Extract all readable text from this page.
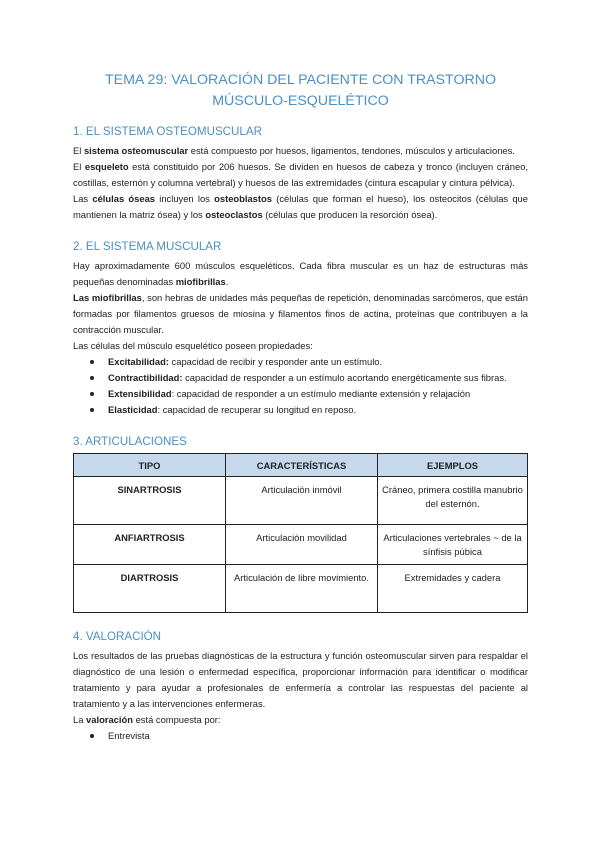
TEMA 29: VALORACIÓN DEL PACIENTE CON TRASTORNO MÚSCULO-ESQUELÉTICO
1. EL SISTEMA OSTEOMUSCULAR

El sistema osteomuscular está compuesto por huesos, ligamentos, tendones, músculos y articulaciones.

El esqueleto está constituido por 206 huesos. Se dividen en huesos de cabeza y tronco (incluyen cráneo, costillas, esternón y columna vertebral) y huesos de las extremidades (cintura escapular y cintura pélvica).

Las células óseas incluyen los osteoblastos (células que forman el hueso), los osteocitos (células que mantienen la matriz ósea) y los osteoclastos (células que producen la resorción ósea).

2. EL SISTEMA MUSCULAR

Hay aproximadamente 600 músculos esqueléticos. Cada fibra muscular es un haz de estructuras más pequeñas denominadas miofibrillas.

Las miofibrillas, son hebras de unidades más pequeñas de repetición, denominadas sarcómeros, que están formadas por filamentos gruesos de miosina y filamentos finos de actina, proteínas que contribuyen a la contracción muscular.

Las células del músculo esquelético poseen propiedades:

Excitabilidad: capacidad de recibir y responder ante un estímulo.
Contractibilidad: capacidad de responder a un estímulo acortando energéticamente sus fibras.
Extensibilidad: capacidad de responder a un estímulo mediante extensión y relajación
Elasticidad: capacidad de recuperar su longitud en reposo.
3. ARTICULACIONES
TIPO	CARACTERÍSTICAS	EJEMPLOS
SINARTROSIS	Articulación inmóvil	Cráneo, primera costilla manubrio del esternón.
ANFIARTROSIS	Articulación movilidad	Articulaciones vertebrales ~ de la sínfisis púbica
DIARTROSIS	Articulación de libre movimiento.	Extremidades y cadera
4. VALORACIÓN

Los resultados de las pruebas diagnósticas de la estructura y función osteomuscular sirven para respaldar el diagnóstico de una lesión o enfermedad específica, proporcionar información para identificar o modificar tratamiento y para ayudar a profesionales de enfermería a controlar las respuestas del paciente al tratamiento y a las intervenciones enfermeras.

La valoración está compuesta por:

Entrevista
